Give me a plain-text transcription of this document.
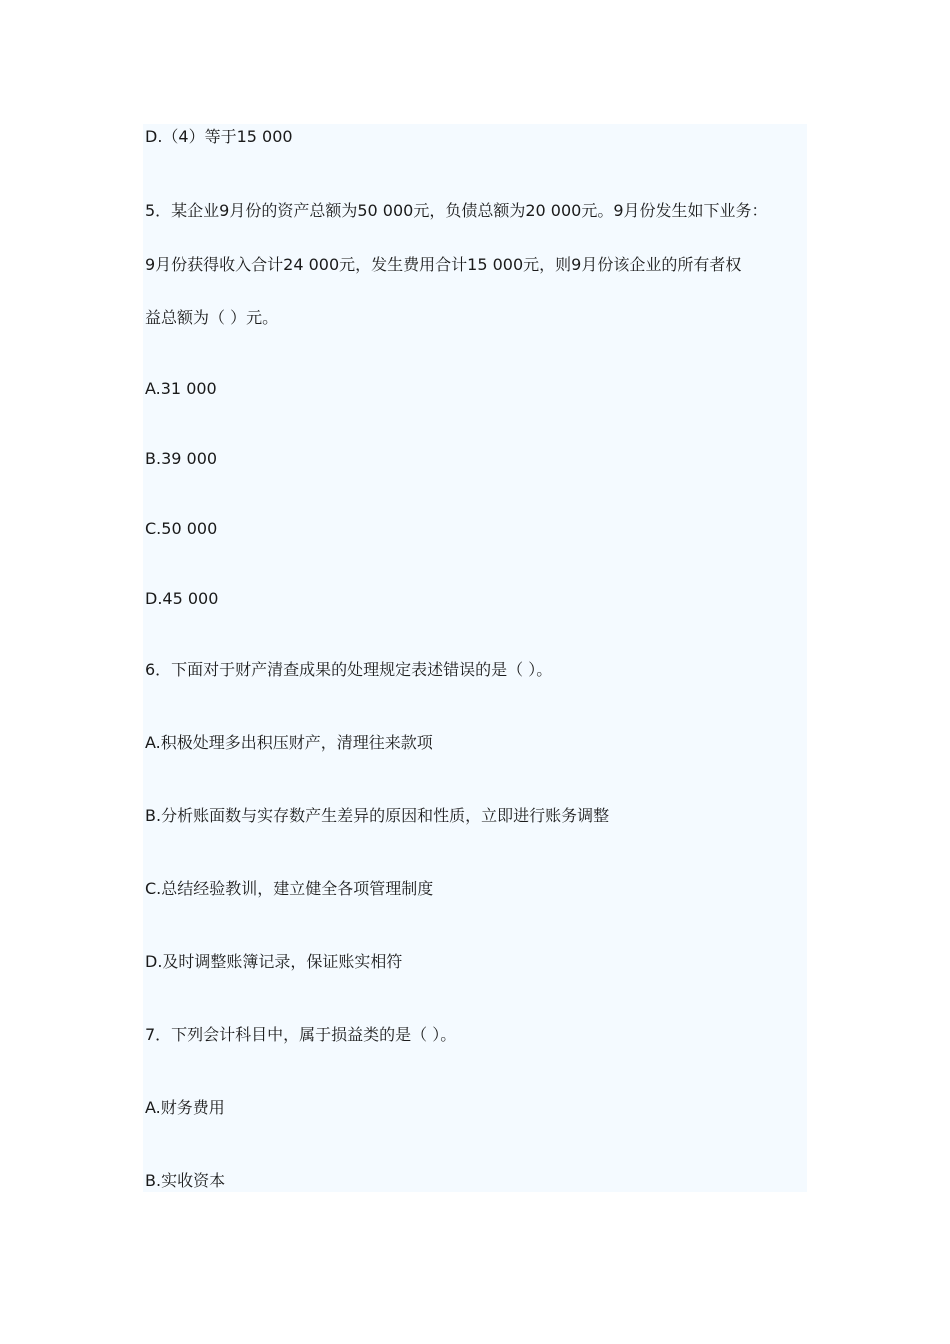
D.（4）等于15 000

5．某企业9月份的资产总额为50 000元，负债总额为20 000元。9月份发生如下业务：

9月份获得收入合计24 000元，发生费用合计15 000元，则9月份该企业的所有者权

益总额为（ ）元。

A.31 000

B.39 000

C.50 000

D.45 000

6．下面对于财产清查成果的处理规定表述错误的是（ ）。

A.积极处理多出积压财产，清理往来款项

B.分析账面数与实存数产生差异的原因和性质，立即进行账务调整

C.总结经验教训，建立健全各项管理制度

D.及时调整账簿记录，保证账实相符

7．下列会计科目中，属于损益类的是（ ）。

A.财务费用

B.实收资本
